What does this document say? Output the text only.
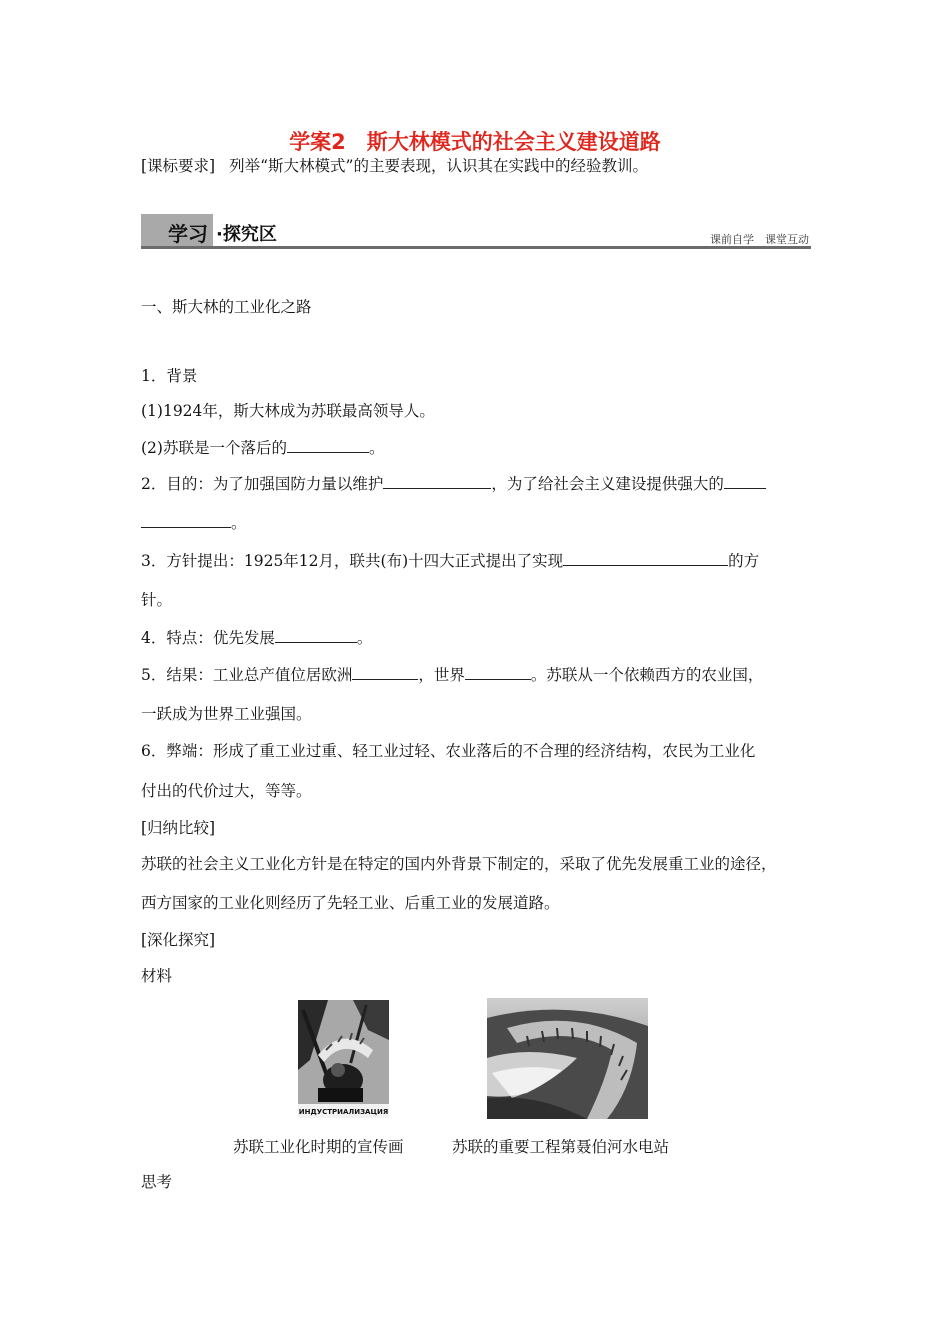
学案2　斯大林模式的社会主义建设道路
[课标要求] 列举“斯大林模式”的主要表现，认识其在实践中的经验教训。
学习 ·探究区	课前自学　课堂互动
一、斯大林的工业化之路
1．背景
(1)1924年，斯大林成为苏联最高领导人。
(2)苏联是一个落后的	。
2．目的：为了加强国防力量以维护	，为了给社会主义建设提供强大的
。
3．方针提出：1925年12月，联共(布)十四大正式提出了实现	的方
针。
4．特点：优先发展	。
5．结果：工业总产值位居欧洲	，世界	。苏联从一个依赖西方的农业国，
一跃成为世界工业强国。
6．弊端：形成了重工业过重、轻工业过轻、农业落后的不合理的经济结构，农民为工业化
付出的代价过大，等等。
[归纳比较]
苏联的社会主义工业化方针是在特定的国内外背景下制定的，采取了优先发展重工业的途径，
西方国家的工业化则经历了先轻工业、后重工业的发展道路。
[深化探究]
材料
ИНДУСТРИАЛИЗАЦИЯ
苏联工业化时期的宣传画	苏联的重要工程第聂伯河水电站
思考
